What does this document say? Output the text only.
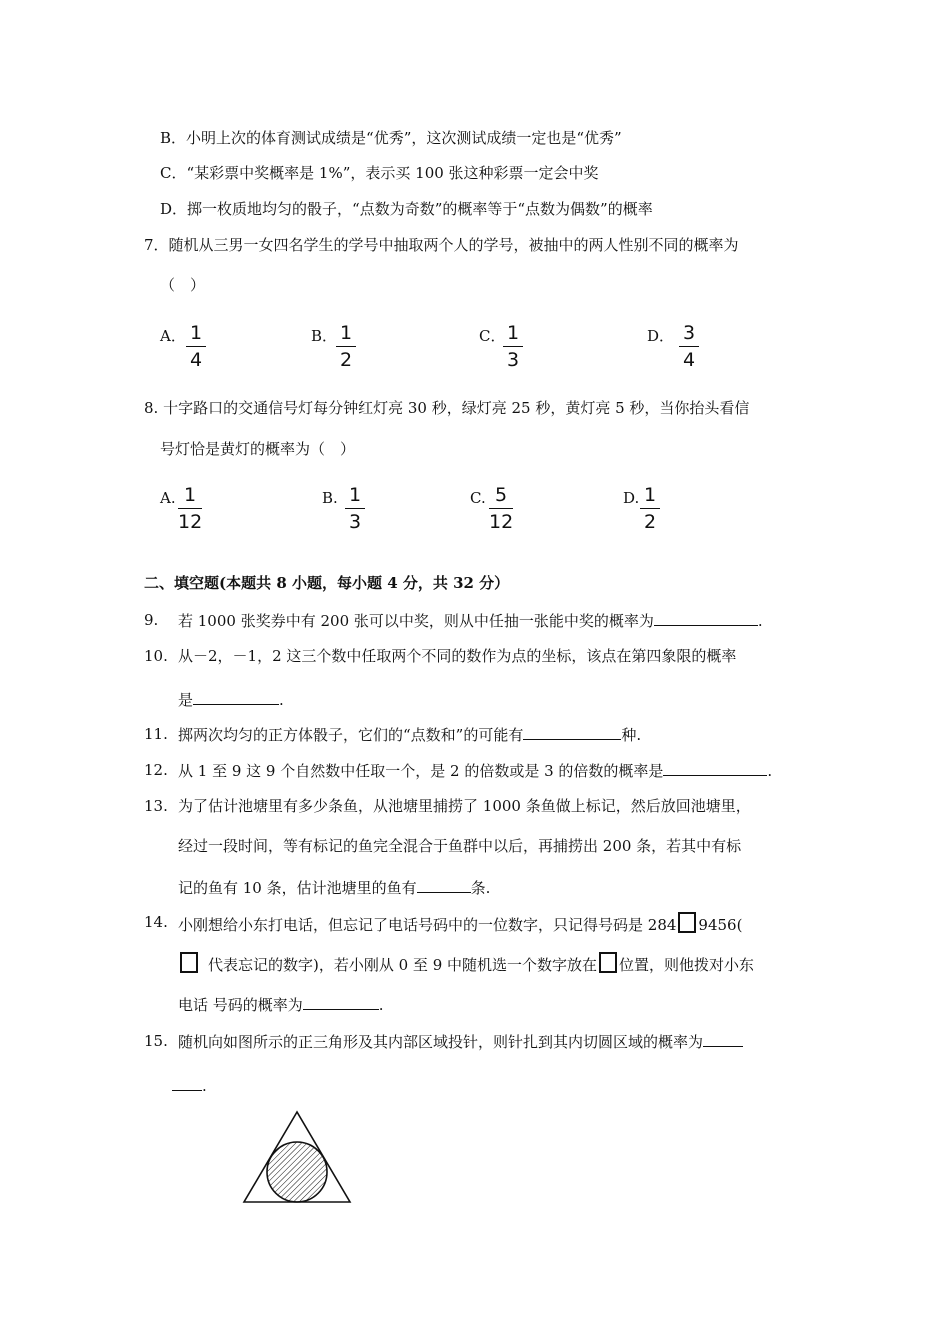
B．小明上次的体育测试成绩是“优秀”，这次测试成绩一定也是“优秀”
C．“某彩票中奖概率是 1%”，表示买 100 张这种彩票一定会中奖
D．掷一枚质地均匀的骰子，“点数为奇数”的概率等于“点数为偶数”的概率
7．随机从三男一女四名学生的学号中抽取两个人的学号，被抽中的两人性别不同的概率为
（　）
A． 1
4
B． 1
2
C． 1
3
D． 3
4
8. 十字路口的交通信号灯每分钟红灯亮 30 秒，绿灯亮 25 秒，黄灯亮 5 秒，当你抬头看信
号灯恰是黄灯的概率为（　）
A. 1
12
B. 1
3
C. 5
12
D. 1
2
二、填空题(本题共 8 小题，每小题 4 分，共 32 分）
9. 若 1000 张奖券中有 200 张可以中奖，则从中任抽一张能中奖的概率为	.
10. 从－2，－1，2 这三个数中任取两个不同的数作为点的坐标，该点在第四象限的概率
是	.
11. 掷两次均匀的正方体骰子，它们的“点数和”的可能有	种.
12. 从 1 至 9 这 9 个自然数中任取一个，是 2 的倍数或是 3 的倍数的概率是	.
13. 为了估计池塘里有多少条鱼，从池塘里捕捞了 1000 条鱼做上标记，然后放回池塘里，
经过一段时间，等有标记的鱼完全混合于鱼群中以后，再捕捞出 200 条，若其中有标
记的鱼有 10 条，估计池塘里的鱼有	条.
14. 小刚想给小东打电话，但忘记了电话号码中的一位数字，只记得号码是 284 9456(
代表忘记的数字)，若小刚从 0 至 9 中随机选一个数字放在 位置，则他拨对小东
电话 号码的概率为	.
15. 随机向如图所示的正三角形及其内部区域投针，则针扎到其内切圆区域的概率为
.
